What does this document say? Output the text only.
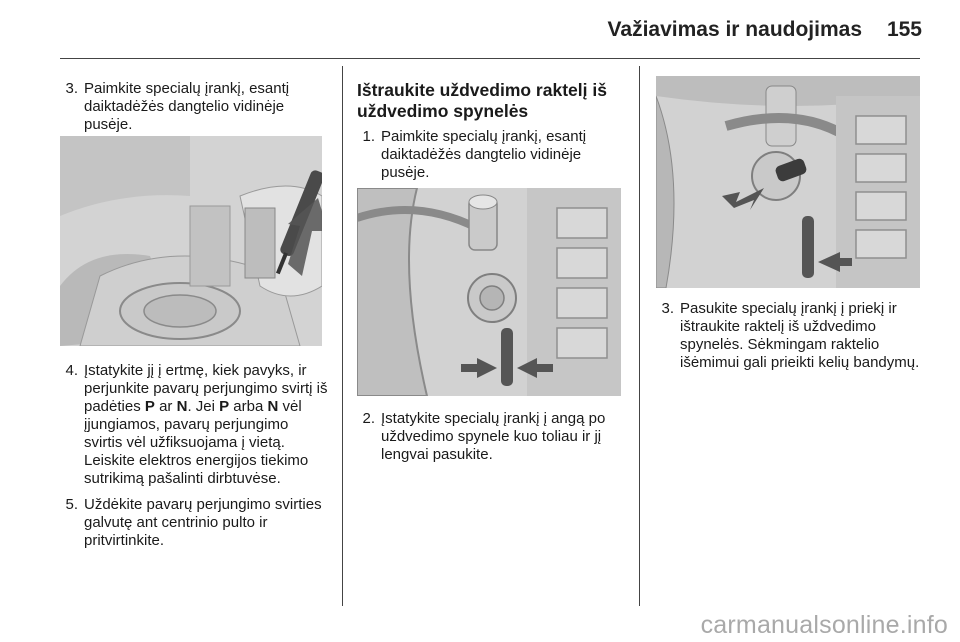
Važiavimas ir naudojimas	155
3. Paimkite specialų įrankį, esantį daiktadėžės dangtelio vidinėje pusėje.
4. Įstatykite jį į ertmę, kiek pavyks, ir perjunkite pavarų perjungimo svirtį iš padėties P ar N. Jei P arba N vėl įjungiamos, pavarų perjungimo svirtis vėl užfiksuojama į vietą. Leiskite elektros energijos tiekimo sutrikimą pašalinti dirbtuvėse.
5. Uždėkite pavarų perjungimo svirties galvutę ant centrinio pulto ir pritvirtinkite.
Ištraukite uždvedimo raktelį iš uždvedimo spynelės
1. Paimkite specialų įrankį, esantį daiktadėžės dangtelio vidinėje pusėje.
2. Įstatykite specialų įrankį į angą po uždvedimo spynele kuo toliau ir jį lengvai pasukite.
3. Pasukite specialų įrankį į priekį ir ištraukite raktelį iš uždvedimo spynelės. Sėkmingam raktelio išėmimui gali prieikti kelių bandymų.
carmanualsonline.info
